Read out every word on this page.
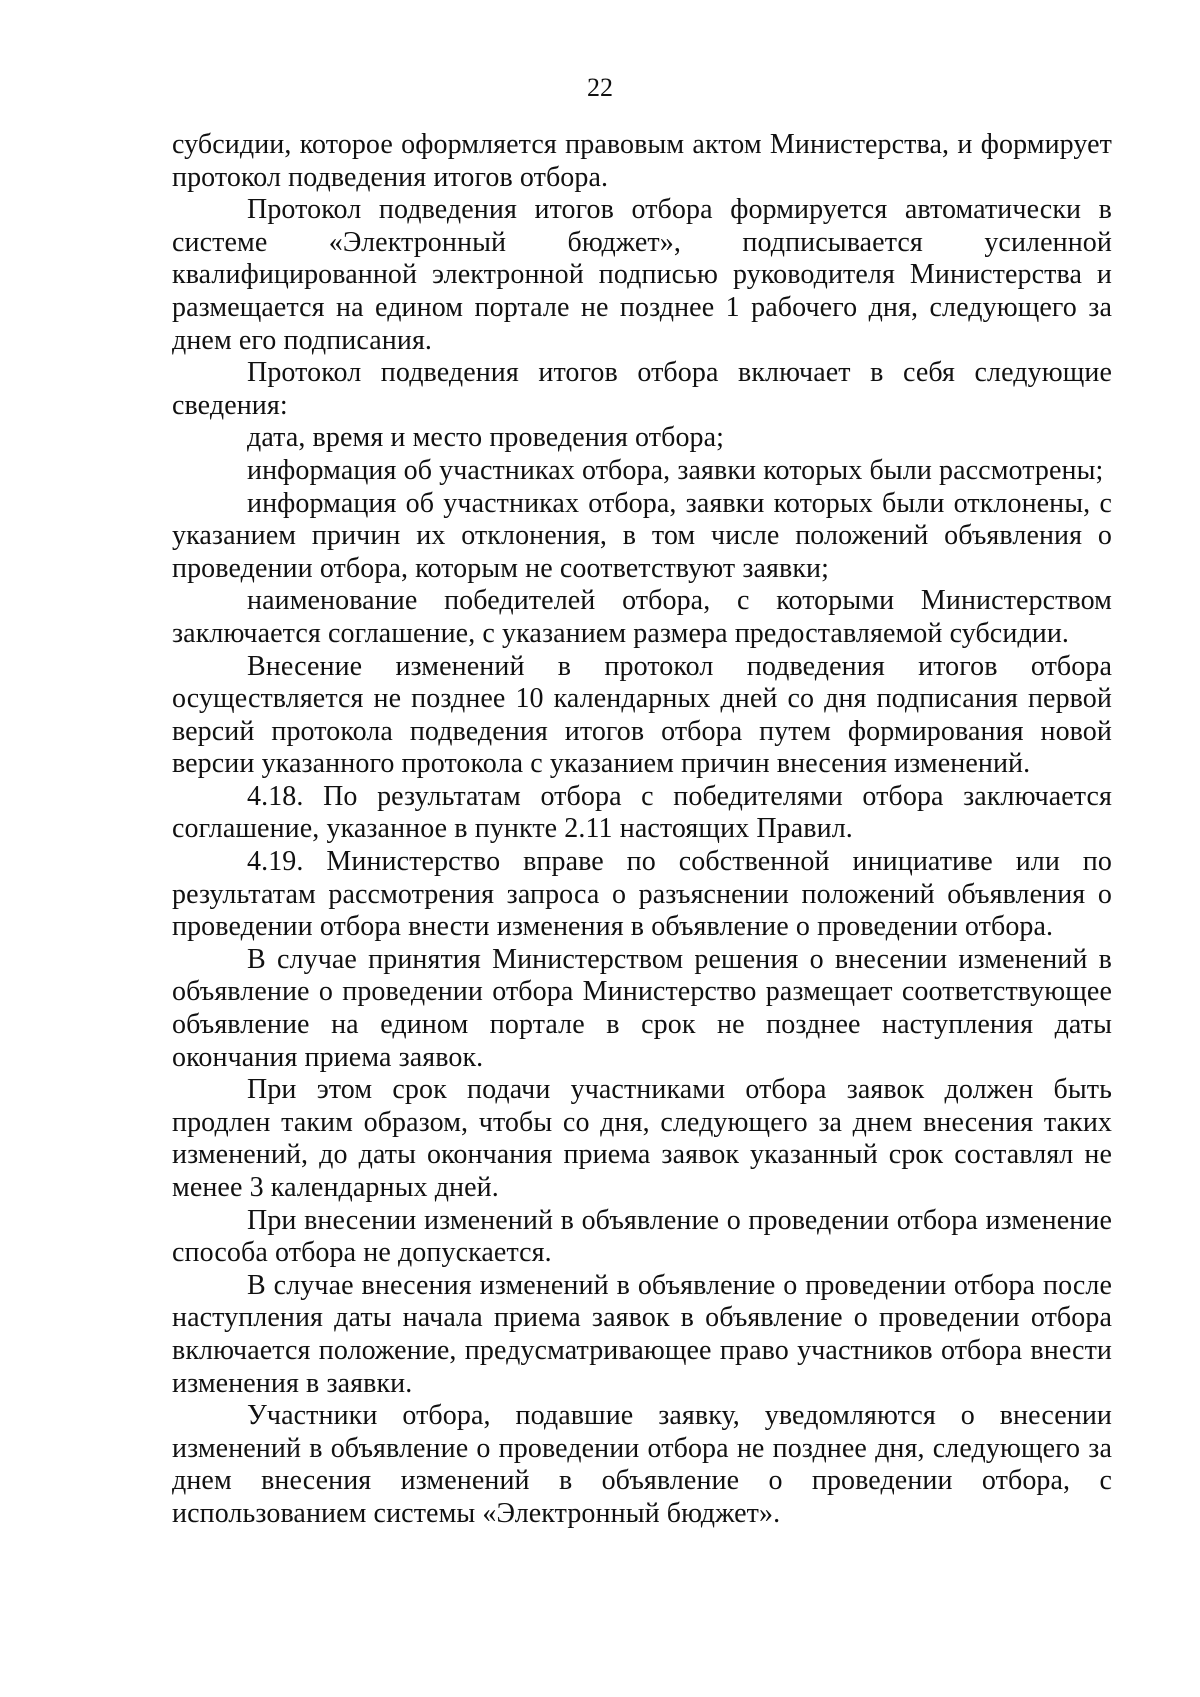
22

субсидии, которое оформляется правовым актом Министерства, и формирует протокол подведения итогов отбора.

Протокол подведения итогов отбора формируется автоматически в системе «Электронный бюджет», подписывается усиленной квалифицированной электронной подписью руководителя Министерства и размещается на едином портале не позднее 1 рабочего дня, следующего за днем его подписания.

Протокол подведения итогов отбора включает в себя следующие сведения:

дата, время и место проведения отбора;

информация об участниках отбора, заявки которых были рассмотрены;

информация об участниках отбора, заявки которых были отклонены, с указанием причин их отклонения, в том числе положений объявления о проведении отбора, которым не соответствуют заявки;

наименование победителей отбора, с которыми Министерством заключается соглашение, с указанием размера предоставляемой субсидии.

Внесение изменений в протокол подведения итогов отбора осуществляется не позднее 10 календарных дней со дня подписания первой версий протокола подведения итогов отбора путем формирования новой версии указанного протокола с указанием причин внесения изменений.

4.18. По результатам отбора с победителями отбора заключается соглашение, указанное в пункте 2.11 настоящих Правил.

4.19. Министерство вправе по собственной инициативе или по результатам рассмотрения запроса о разъяснении положений объявления о проведении отбора внести изменения в объявление о проведении отбора.

В случае принятия Министерством решения о внесении изменений в объявление о проведении отбора Министерство размещает соответствующее объявление на едином портале в срок не позднее наступления даты окончания приема заявок.

При этом срок подачи участниками отбора заявок должен быть продлен таким образом, чтобы со дня, следующего за днем внесения таких изменений, до даты окончания приема заявок указанный срок составлял не менее 3 календарных дней.

При внесении изменений в объявление о проведении отбора изменение способа отбора не допускается.

В случае внесения изменений в объявление о проведении отбора после наступления даты начала приема заявок в объявление о проведении отбора включается положение, предусматривающее право участников отбора внести изменения в заявки.

Участники отбора, подавшие заявку, уведомляются о внесении изменений в объявление о проведении отбора не позднее дня, следующего за днем внесения изменений в объявление о проведении отбора, с использованием системы «Электронный бюджет».
